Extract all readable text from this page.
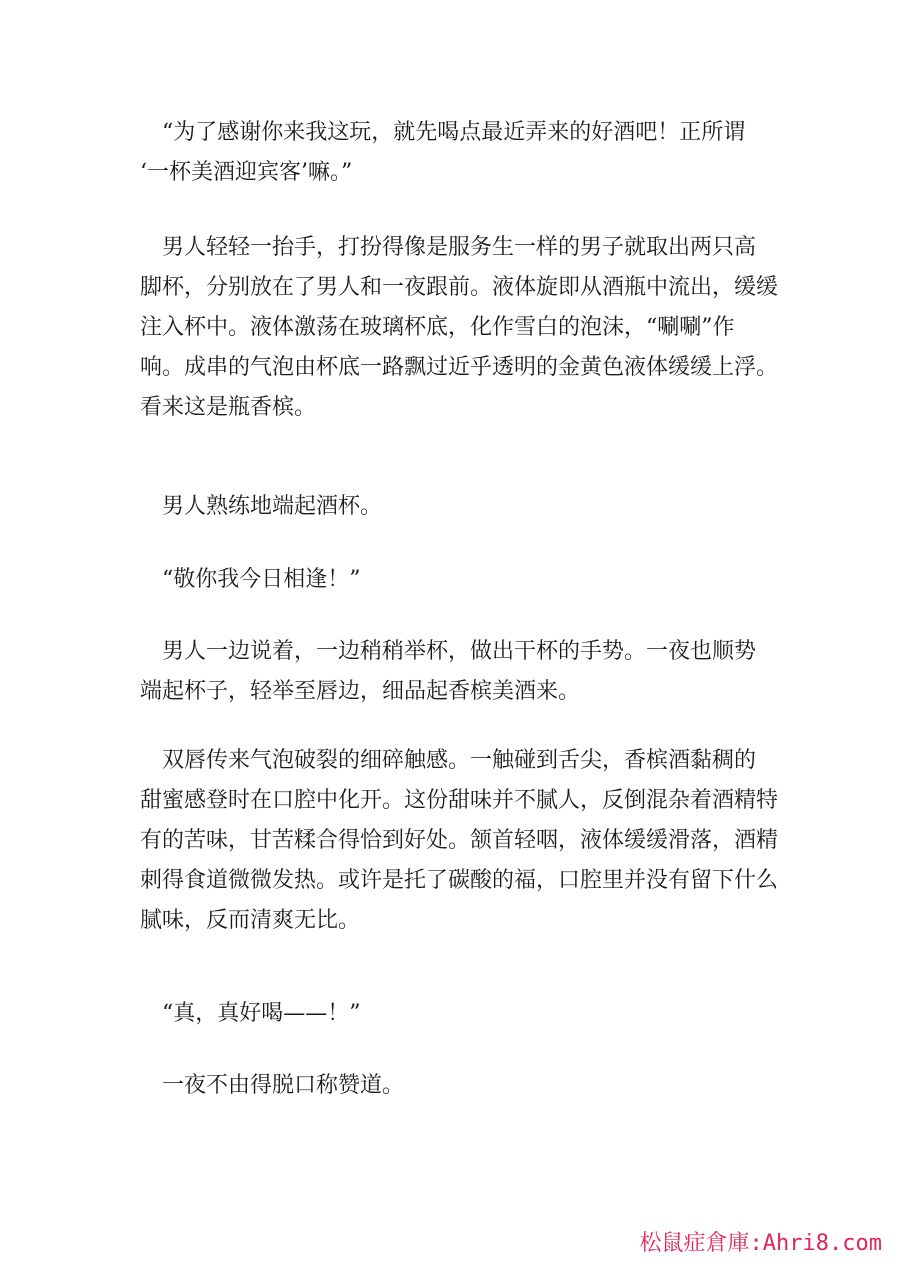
　“为了感谢你来我这玩，就先喝点最近弄来的好酒吧！正所谓
‘一杯美酒迎宾客’嘛。”

　男人轻轻一抬手，打扮得像是服务生一样的男子就取出两只高
脚杯，分别放在了男人和一夜跟前。液体旋即从酒瓶中流出，缓缓
注入杯中。液体激荡在玻璃杯底，化作雪白的泡沫，“唰唰”作
响。成串的气泡由杯底一路飘过近乎透明的金黄色液体缓缓上浮。
看来这是瓶香槟。

　男人熟练地端起酒杯。

　“敬你我今日相逢！”

　男人一边说着，一边稍稍举杯，做出干杯的手势。一夜也顺势
端起杯子，轻举至唇边，细品起香槟美酒来。

　双唇传来气泡破裂的细碎触感。一触碰到舌尖，香槟酒黏稠的
甜蜜感登时在口腔中化开。这份甜味并不腻人，反倒混杂着酒精特
有的苦味，甘苦糅合得恰到好处。颔首轻咽，液体缓缓滑落，酒精
刺得食道微微发热。或许是托了碳酸的福，口腔里并没有留下什么
腻味，反而清爽无比。

　“真，真好喝——！”

　一夜不由得脱口称赞道。

松鼠症倉庫:Ahri8.com
